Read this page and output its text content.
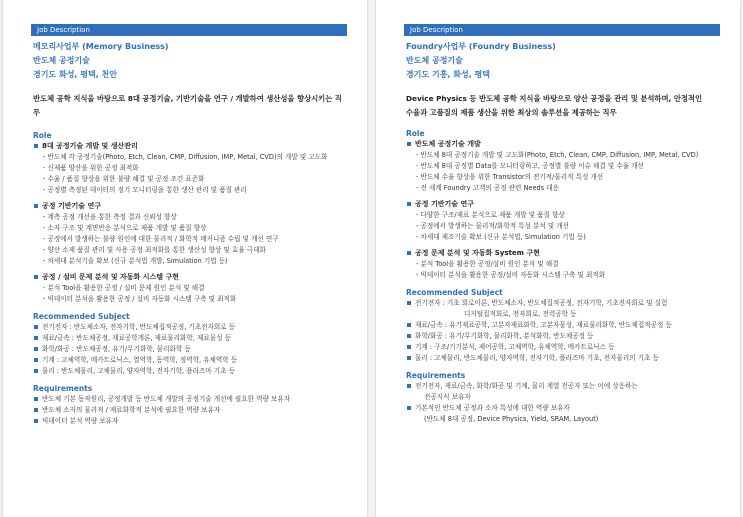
Job Description
메모리사업부 (Memory Business)
반도체 공정기술
경기도 화성, 평택, 천안
반도체 공학 지식을 바탕으로 8대 공정기술, 기반기술을 연구 / 개발하여 생산성을 향상시키는 직무
Role
8대 공정기술 개발 및 생산관리
- 반도체 각 공정기술(Photo, Etch, Clean, CMP, Diffusion, IMP, Metal, CVD)의 개발 및 고도화
- 신제품 양산을 위한 공정 최적화
- 수율 / 품질 향상을 위한 불량 해결 및 공정 조건 표준화
- 공정별 측정된 데이터의 정기 모니터링을 통한 생산 관리 및 품질 관리
공정 기반기술 연구
- 계측 공정 개선을 통한 측정 결과 신뢰성 향상
- 소자 구조 및 계면반응 분석으로 제품 개발 및 품질 향상
- 공정에서 발생하는 불량 원인에 대한 물리적 / 화학적 메커니즘 수립 및 개선 연구
- 양산 소재 품질 관리 및 사용 공정 최적화를 통한 생산성 향상 및 효율 극대화
- 차세대 분석기술 확보 (신규 분석법 개발, Simulation 기법 등)
공정 / 설비 문제 분석 및 자동화 시스템 구현
- 분석 Tool을 활용한 공정 / 설비 문제 원인 분석 및 해결
- 빅데이터 분석을 활용한 공정 / 설비 자동화 시스템 구축 및 최적화
Recommended Subject
전기전자 : 반도체소자, 전자기학, 반도체집적공정, 기초전자회로 등
재료/금속 : 반도체공정, 재료공학개론, 재료물리화학, 재료물성 등
화학/화공 : 반도체공정, 유기/무기화학, 물리화학 등
기계 : 고체역학, 메카트로닉스, 열역학, 동역학, 정역학, 유체역학 등
물리 : 반도체물리, 고체물리, 양자역학, 전자기학, 플라즈마 기초 등
Requirements
반도체 기본 동작원리, 공정개발 등 반도체 개발의 공정기술 개선에 필요한 역량 보유자
반도체 소자의 물리적 / 재료화학적 분석에 필요한 역량 보유자
빅데이터 분석 역량 보유자
Job Description
Foundry사업부 (Foundry Business)
반도체 공정기술
경기도 기흥, 화성, 평택
Device Physics 등 반도체 공학 지식을 바탕으로 양산 공정을 관리 및 분석하며, 안정적인
수율과 고품질의 제품 생산을 위한 최상의 솔루션을 제공하는 직무
Role
반도체 공정기술 개발
- 반도체 8대 공정기술 개발 및 고도화(Photo, Etch, Clean, CMP, Diffusion, IMP, Metal, CVD)
- 반도체 8대 공정별 Data를 모니터링하고, 공정별 불량 이슈 해결 및 수율 개선
- 반도체 수율 향상을 위한 Transistor의 전기적/물리적 특성 개선
- 전 세계 Foundry 고객의 공정 관련 Needs 대응
공정 기반기술 연구
- 다양한 구조/재료 분석으로 제품 개발 및 품질 향상
- 공정에서 발생하는 물리적/화학적 특성 분석 및 개선
- 차세대 제조기술 확보 (신규 분석법, Simulation 기법 등)
공정 문제 분석 및 자동화 System 구현
- 분석 Tool을 활용한 공정/설비 원인 분석 및 해결
- 빅데이터 분석을 활용한 공정/설비 자동화 시스템 구축 및 최적화
Recommended Subject
전기전자 : 기초 회로이론, 반도체소자, 반도체집적공정, 전자기학, 기초전자회로 및 실험
디지털집적회로, 전자회로, 전력공학 등
재료/금속 : 유기재료공학, 고분자재료화학, 고분자물성, 재료물리화학, 반도체집적공정 등
화학/화공 : 유기/무기화학, 물리화학, 분석화학, 반도체공정 등
기계 : 구조/기기분석, 제어공학, 고체역학, 유체역학, 메카트로닉스 등
물리 : 고체물리, 반도체물리, 양자역학, 전자기학, 플라즈마 기초, 전자물리의 기초 등
Requirements
전기전자, 재료/금속, 화학/화공 및 기계, 물리 계열 전공자 또는 이에 상응하는
전공지식 보유자
기본적인 반도체 공정과 소자 특성에 대한 역량 보유자
(반도체 8대 공정, Device Physics, Yield, SRAM, Layout)
